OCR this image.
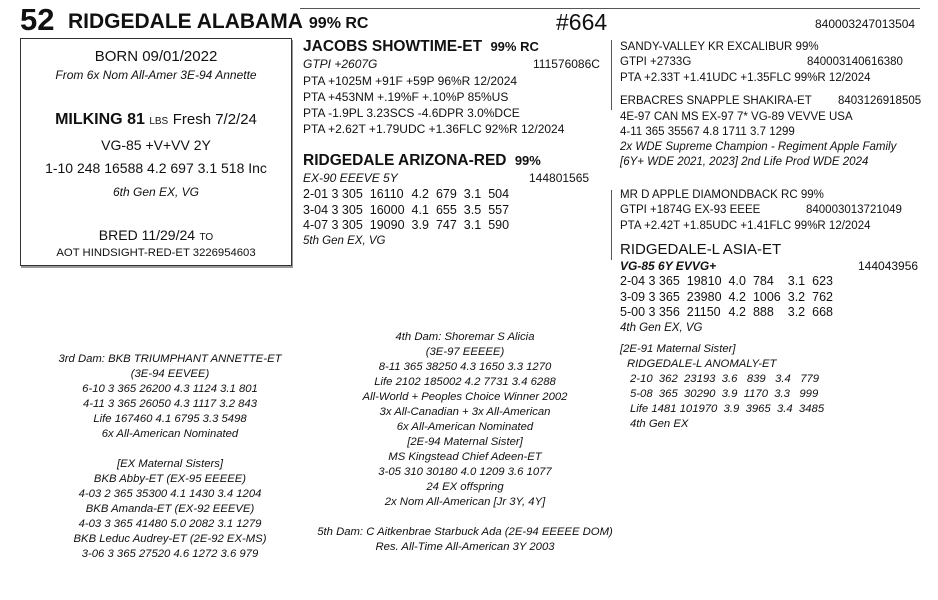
52 RIDGEDALE ALABAMA 99% RC	#664	840003247013504
BORN 09/01/2022
From 6x Nom All-Amer 3E-94 Annette
MILKING 81 LBS Fresh 7/2/24
VG-85 +V+VV 2Y
1-10 248 16588 4.2 697 3.1 518 Inc
6th Gen EX, VG
BRED 11/29/24 TO
AOT HINDSIGHT-RED-ET 3226954603
JACOBS SHOWTIME-ET 99% RC
GTPI +2607G	111576086C
PTA +1025M +91F +59P 96%R 12/2024
PTA +453NM +.19%F +.10%P 85%US
PTA -1.9PL 3.23SCS -4.6DPR 3.0%DCE
PTA +2.62T +1.79UDC +1.36FLC 92%R 12/2024
RIDGEDALE ARIZONA-RED 99%
EX-90 EEEVE 5Y	144801565
2-01 3 305	16110	4.2	679	3.1	504
3-04 3 305	16000	4.1	655	3.5	557
4-07 3 305	19090	3.9	747	3.1	590
5th Gen EX, VG
SANDY-VALLEY KR EXCALIBUR 99%
GTPI +2733G	840003140616380
PTA +2.33T +1.41UDC +1.35FLC 99%R 12/2024
ERBACRES SNAPPLE SHAKIRA-ET 8403126918505
4E-97 CAN MS EX-97 7* VG-89 VEVVE USA
4-11 365 35567 4.8 1711 3.7 1299
2x WDE Supreme Champion - Regiment Apple Family
[6Y+ WDE 2021, 2023] 2nd Life Prod WDE 2024
MR D APPLE DIAMONDBACK RC 99%
GTPI +1874G EX-93 EEEE	840003013721049
PTA +2.42T +1.85UDC +1.41FLC 99%R 12/2024
RIDGEDALE-L ASIA-ET
VG-85 6Y EVVG+	144043956
2-04 3 365	19810	4.0	784	3.1	623
3-09 3 365	23980	4.2	1006	3.2	762
5-00 3 356	21150	4.2	888	3.2	668
4th Gen EX, VG
[2E-91 Maternal Sister]
RIDGEDALE-L ANOMALY-ET
2-10  362  23193  3.6   839   3.4   779
5-08  365  30290  3.9  1170  3.3   999
Life 1481 101970  3.9  3965  3.4  3485
4th Gen EX
3rd Dam: BKB TRIUMPHANT ANNETTE-ET
(3E-94 EEVEE)
6-10 3 365 26200 4.3 1124 3.1 801
4-11 3 365 26050 4.3 1117 3.2 843
Life 167460 4.1 6795 3.3 5498
6x All-American Nominated
[EX Maternal Sisters]
BKB Abby-ET (EX-95 EEEEE)
4-03 2 365 35300 4.1 1430 3.4 1204
BKB Amanda-ET (EX-92 EEEVE)
4-03 3 365 41480 5.0 2082 3.1 1279
BKB Leduc Audrey-ET (2E-92 EX-MS)
3-06 3 365 27520 4.6 1272 3.6 979
4th Dam: Shoremar S Alicia
(3E-97 EEEEE)
8-11 365 38250 4.3 1650 3.3 1270
Life 2102 185002 4.2 7731 3.4 6288
All-World + Peoples Choice Winner 2002
3x All-Canadian + 3x All-American
6x All-American Nominated
[2E-94 Maternal Sister]
MS Kingstead Chief Adeen-ET
3-05 310 30180 4.0 1209 3.6 1077
24 EX offspring
2x Nom All-American [Jr 3Y, 4Y]
5th Dam: C Aitkenbrae Starbuck Ada (2E-94 EEEEE DOM)
Res. All-Time All-American 3Y 2003
